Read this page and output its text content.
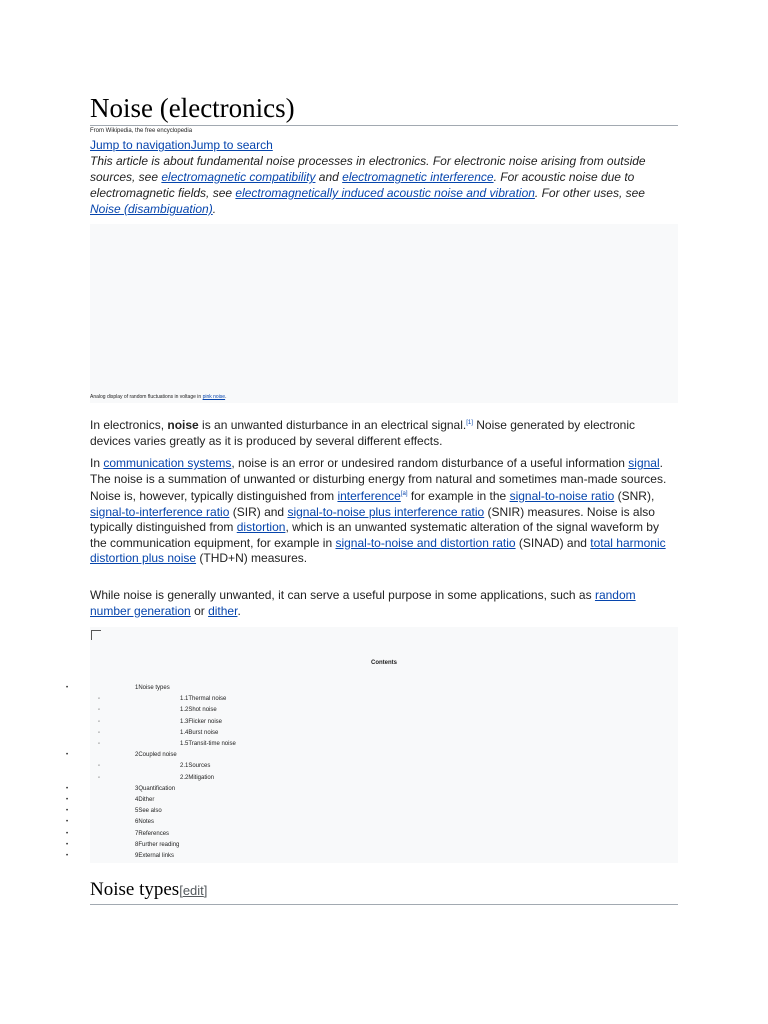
Noise (electronics)
From Wikipedia, the free encyclopedia
Jump to navigationJump to search
This article is about fundamental noise processes in electronics. For electronic noise arising from outside sources, see electromagnetic compatibility and electromagnetic interference. For acoustic noise due to electromagnetic fields, see electromagnetically induced acoustic noise and vibration. For other uses, see Noise (disambiguation).
Analog display of random fluctuations in voltage in pink noise.

In electronics, noise is an unwanted disturbance in an electrical signal.[1] Noise generated by electronic devices varies greatly as it is produced by several different effects.

In communication systems, noise is an error or undesired random disturbance of a useful information signal. The noise is a summation of unwanted or disturbing energy from natural and sometimes man-made sources. Noise is, however, typically distinguished from interference[a] for example in the signal-to-noise ratio (SNR), signal-to-interference ratio (SIR) and signal-to-noise plus interference ratio (SNIR) measures. Noise is also typically distinguished from distortion, which is an unwanted systematic alteration of the signal waveform by the communication equipment, for example in signal-to-noise and distortion ratio (SINAD) and total harmonic distortion plus noise (THD+N) measures.

While noise is generally unwanted, it can serve a useful purpose in some applications, such as random number generation or dither.

Contents
•	1Noise types
◦	1.1Thermal noise
◦	1.2Shot noise
◦	1.3Flicker noise
◦	1.4Burst noise
◦	1.5Transit-time noise
•	2Coupled noise
◦	2.1Sources
◦	2.2Mitigation
•	3Quantification
•	4Dither
•	5See also
•	6Notes
•	7References
•	8Further reading
•	9External links
Noise types[edit]
